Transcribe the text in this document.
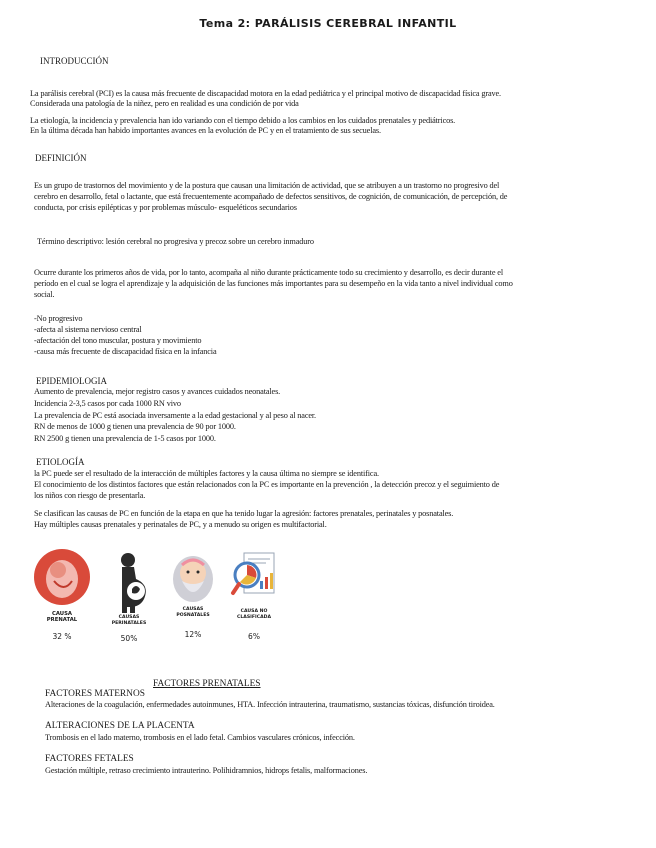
Tema 2: PARÁLISIS CEREBRAL INFANTIL
INTRODUCCIÓN
La parálisis cerebral (PCI) es la causa más frecuente de discapacidad motora en la edad pediátrica y el principal motivo de discapacidad física grave.
Considerada una patología de la niñez, pero en realidad es una condición de por vida
La etiología, la incidencia y prevalencia han ido variando con el tiempo debido a los cambios en los cuidados prenatales y pediátricos.
En la última década han habido importantes avances en la evolución de PC y en el tratamiento de sus secuelas.
DEFINICIÓN
Es un grupo de trastornos del movimiento y de la postura que causan una limitación de actividad, que se atribuyen a un trastorno no progresivo del
cerebro en desarrollo, fetal o lactante, que está frecuentemente acompañado de defectos sensitivos, de cognición, de comunicación, de percepción, de
conducta, por crisis epilépticas y por problemas músculo- esqueléticos secundarios
Término descriptivo: lesión cerebral no progresiva y precoz sobre un cerebro inmaduro
Ocurre durante los primeros años de vida, por lo tanto, acompaña al niño durante prácticamente todo su crecimiento y desarrollo, es decir durante el
período en el cual se logra el aprendizaje y la adquisición de las funciones más importantes para su desempeño en la vida tanto a nivel individual como
social.
-No progresivo
-afecta al sistema nervioso central
-afectación del tono muscular, postura y movimiento
-causa más frecuente de discapacidad física en la infancia
EPIDEMIOLOGIA
Aumento de prevalencia, mejor registro casos y avances cuidados neonatales.
Incidencia 2-3,5 casos por cada 1000 RN vivo
La prevalencia de PC está asociada inversamente a la edad gestacional y al peso al nacer.
RN de menos de 1000 g tienen una prevalencia de 90 por 1000.
RN 2500 g tienen una prevalencia de 1-5 casos por 1000.
ETIOLOGÍA
la PC puede ser el resultado de la interacción de múltiples factores y la causa última no siempre se identifica.
El conocimiento de los distintos factores que están relacionados con la PC es importante en la prevención , la detección precoz y el seguimiento de
los niños con riesgo de presentarla.
Se clasifican las causas de PC en función de la etapa en que ha tenido lugar la agresión: factores prenatales, perinatales y posnatales.
Hay múltiples causas prenatales y perinatales de PC, y a menudo su origen es multifactorial.
CAUSA
PRENATAL
32 %
CAUSAS
PERINATALES
50%
CAUSAS
POSNATALES
12%
CAUSA NO
CLASIFICADA
6%
FACTORES PRENATALES
FACTORES MATERNOS
Alteraciones de la coagulación, enfermedades autoinmunes, HTA. Infección intrauterina, traumatismo, sustancias tóxicas, disfunción tiroidea.
ALTERACIONES DE LA PLACENTA
Trombosis en el lado materno, trombosis en el lado fetal. Cambios vasculares crónicos, infección.
FACTORES FETALES
Gestación múltiple, retraso crecimiento intrauterino. Polihidramnios, hidrops fetalis, malformaciones.
